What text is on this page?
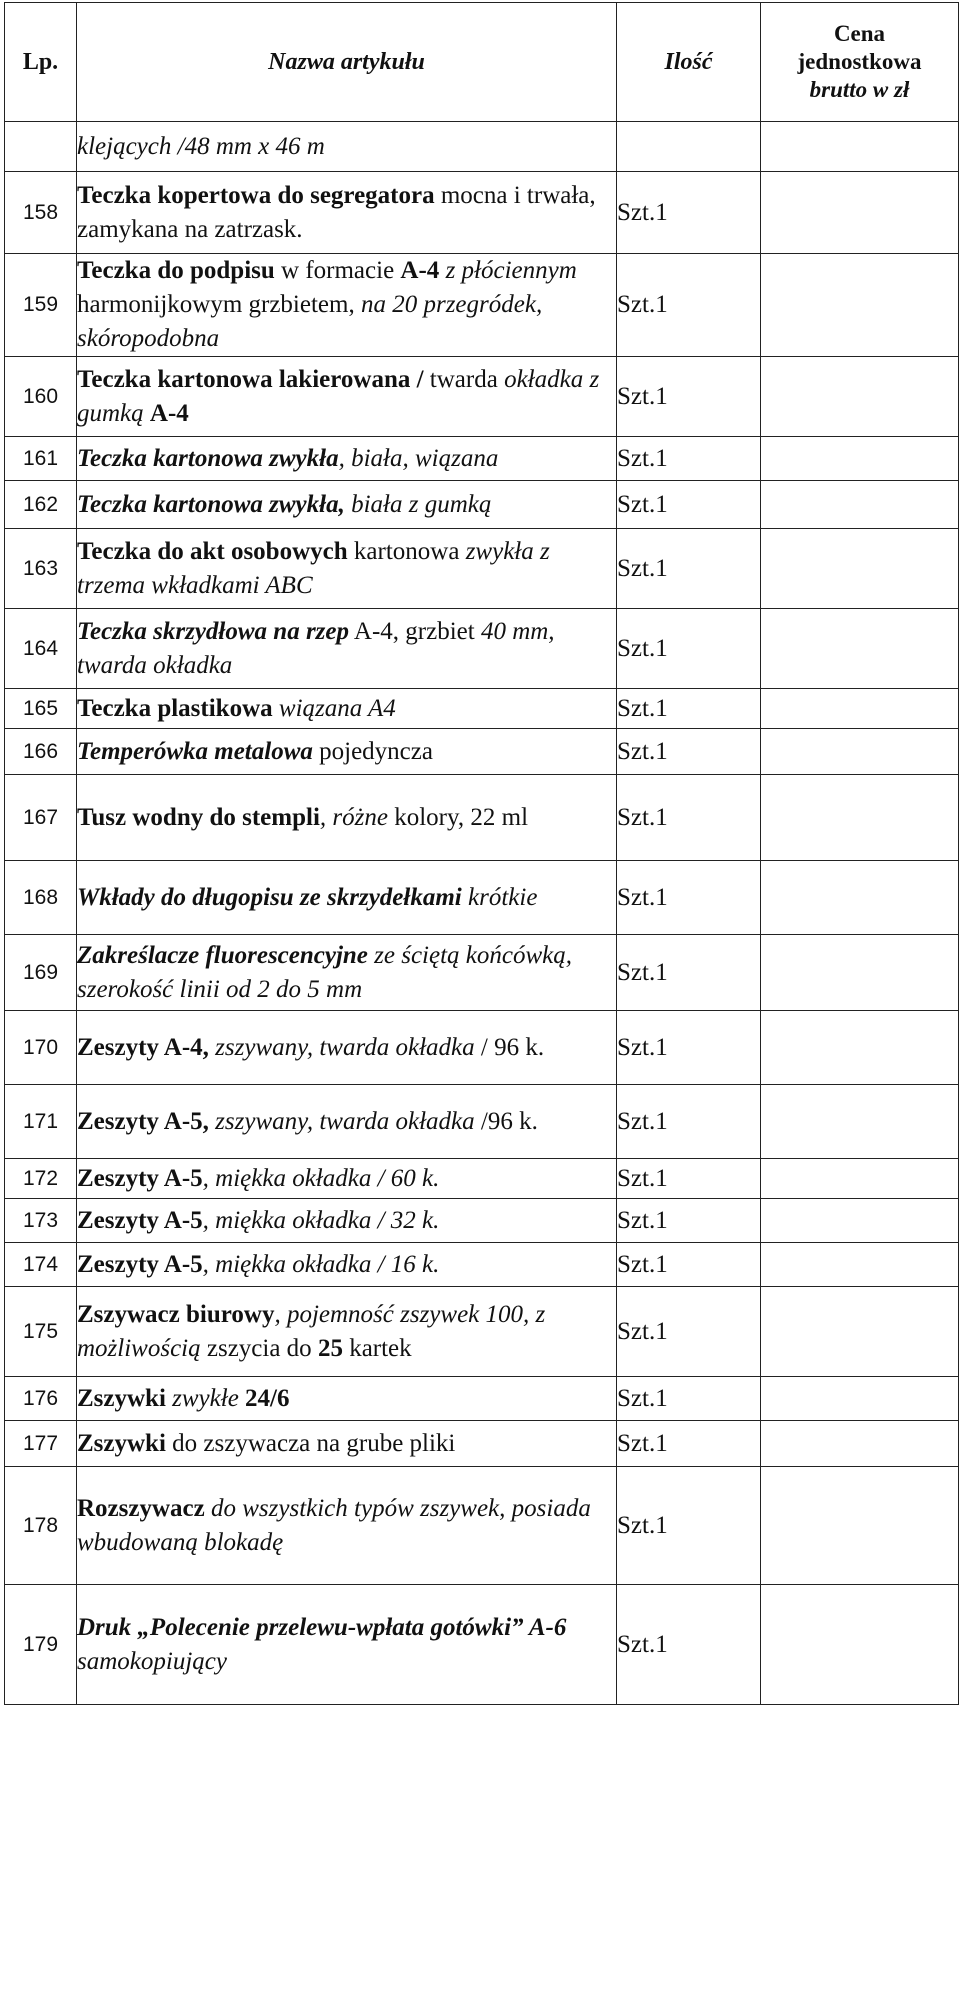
Lp.	Nazwa artykułu	Ilość	Cena
jednostkowa
brutto w zł

	klejących /48 mm x 46 m		
158	Teczka kopertowa do segregatora mocna i trwała, zamykana na zatrzask.	Szt.1	
159	Teczka do podpisu w formacie A-4 z płóciennym harmonijkowym grzbietem, na 20 przegródek, skóropodobna	Szt.1	
160	Teczka kartonowa lakierowana / twarda okładka z gumką A-4	Szt.1	
161	Teczka kartonowa zwykła, biała, wiązana	Szt.1	
162	Teczka kartonowa zwykła, biała z gumką	Szt.1	
163	Teczka do akt osobowych kartonowa zwykła z trzema wkładkami ABC	Szt.1	
164	Teczka skrzydłowa na rzep A-4, grzbiet 40 mm, twarda okładka	Szt.1	
165	Teczka plastikowa wiązana A4	Szt.1	
166	Temperówka metalowa pojedyncza	Szt.1	
167	Tusz wodny do stempli, różne kolory, 22 ml	Szt.1	
168	Wkłady do długopisu ze skrzydełkami krótkie	Szt.1	
169	Zakreślacze fluorescencyjne ze ściętą końcówką, szerokość linii od 2 do 5 mm	Szt.1	
170	Zeszyty A-4, zszywany, twarda okładka / 96 k.	Szt.1	
171	Zeszyty A-5, zszywany, twarda okładka /96 k.	Szt.1	
172	Zeszyty A-5, miękka okładka / 60 k.	Szt.1	
173	Zeszyty A-5, miękka okładka / 32 k.	Szt.1	
174	Zeszyty A-5, miękka okładka / 16 k.	Szt.1	
175	Zszywacz biurowy, pojemność zszywek 100, z możliwością zszycia do 25 kartek	Szt.1	
176	Zszywki zwykłe 24/6	Szt.1	
177	Zszywki do zszywacza na grube pliki	Szt.1	
178	Rozszywacz do wszystkich typów zszywek, posiada wbudowaną blokadę	Szt.1	
179	Druk „Polecenie przelewu-wpłata gotówki” A-6 samokopiujący	Szt.1	
